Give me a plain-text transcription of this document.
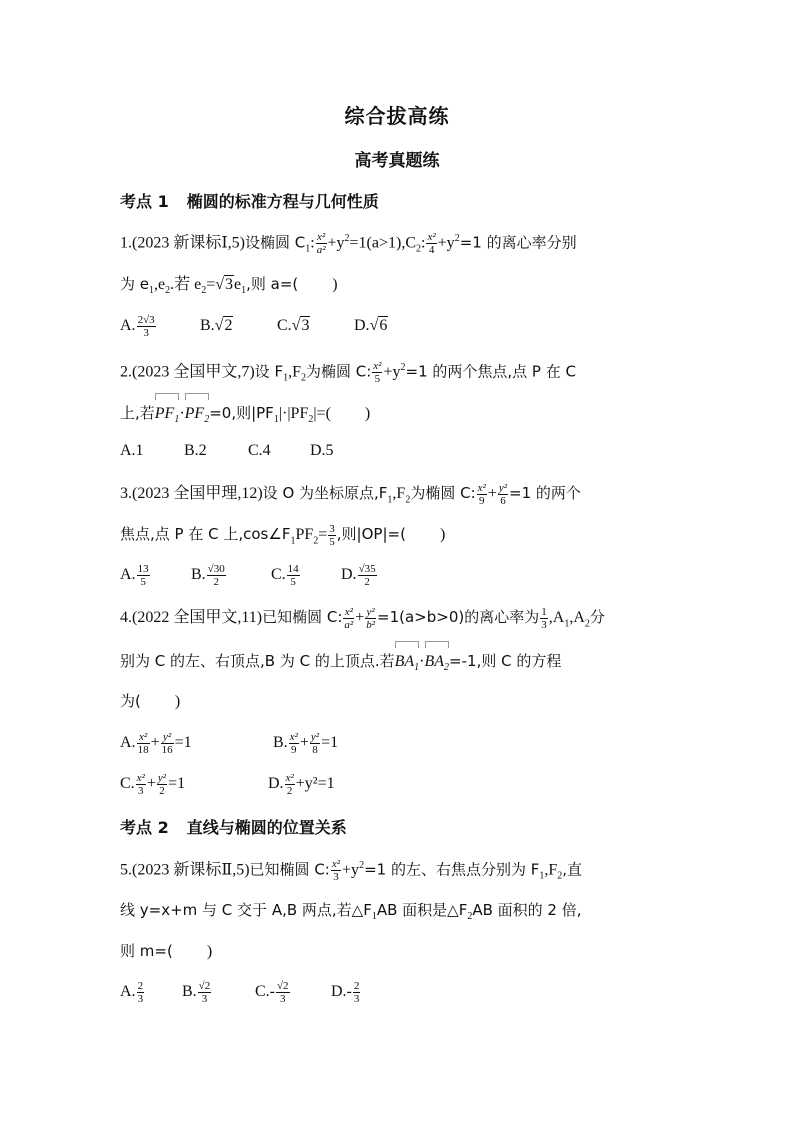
综合拔高练
高考真题练
考点 1 椭圆的标准方程与几何性质
1.(2023 新课标Ⅰ,5)设椭圆 $C_1$: $\frac{\text{x²}}{\text{a²}} +y^2=1(a>1),C_2$: $\frac{\text{x²}}{4} +y^2=1$ 的离心率分别
为 $e_1,e_2$.若 $e_2=√3e_1$,则 a=( )
A. $\frac{2√3}{3}$	B.√2	C.√3	D.√6
2.(2023 全国甲文,7)设 $F_1,F_2$为椭圆 C: $\frac{\text{x²}}{5} +y^2=1$ 的两个焦点,点 P 在 C
上,若
$PF_1\cdot$
$PF_2=0$,则$|PF_1|\cdot|PF_2|=$( )
A.1	B.2	C.4 D.5
3.(2023 全国甲理,12)设 O 为坐标原点$,F_1,F_2$为椭圆 C: $\frac{\text{x²}}{9} + \frac{\text{y²}}{6} =1$ 的两个
焦点,点 P 在 C 上$,\cos\angle F_1PF_2= \frac{3}{5}$ ,则|OP|=( )
A. $\frac{13}{5}$	B. $\frac{√30}{2}$	C. $\frac{14}{5}$	D. $\frac{√35}{2}$
4.(2022 全国甲文,11)已知椭圆 C: $\frac{\text{x²}}{\text{a²}} + \frac{\text{y²}}{\text{b²}} =1(a>b>0)$的离心率为 $\frac{1}{3} ,A_1,A_2$分
别为 C 的左、右顶点,B 为 C 的上顶点.若
$BA_1\cdot$
$BA_2=-1$,则 C 的方程
为( )
A. $\frac{\text{x²}}{18} + \frac{\text{y²}}{16} =1$	B. $\frac{\text{x²}}{9} + \frac{\text{y²}}{8} =1$
C. $\frac{\text{x²}}{3} + \frac{\text{y²}}{2} =1$	D. $\frac{\text{x²}}{2} +y^2=1$
考点 2 直线与椭圆的位置关系
5.(2023 新课标Ⅱ,5)已知椭圆 C: $\frac{\text{x²}}{3} +y^2=1$ 的左、右焦点分别为 $F_1,F_2$,直
线 y=x+m 与 C 交于 A,B 两点,若$\triangle F_1AB$ 面积是$\triangle F_2AB$ 面积的 2 倍,
则 m=( )
A. $\frac{2}{3} B$. $\frac{√2}{3}$	$C.- \frac{√2}{3}$	$D.- \frac{2}{3}$
